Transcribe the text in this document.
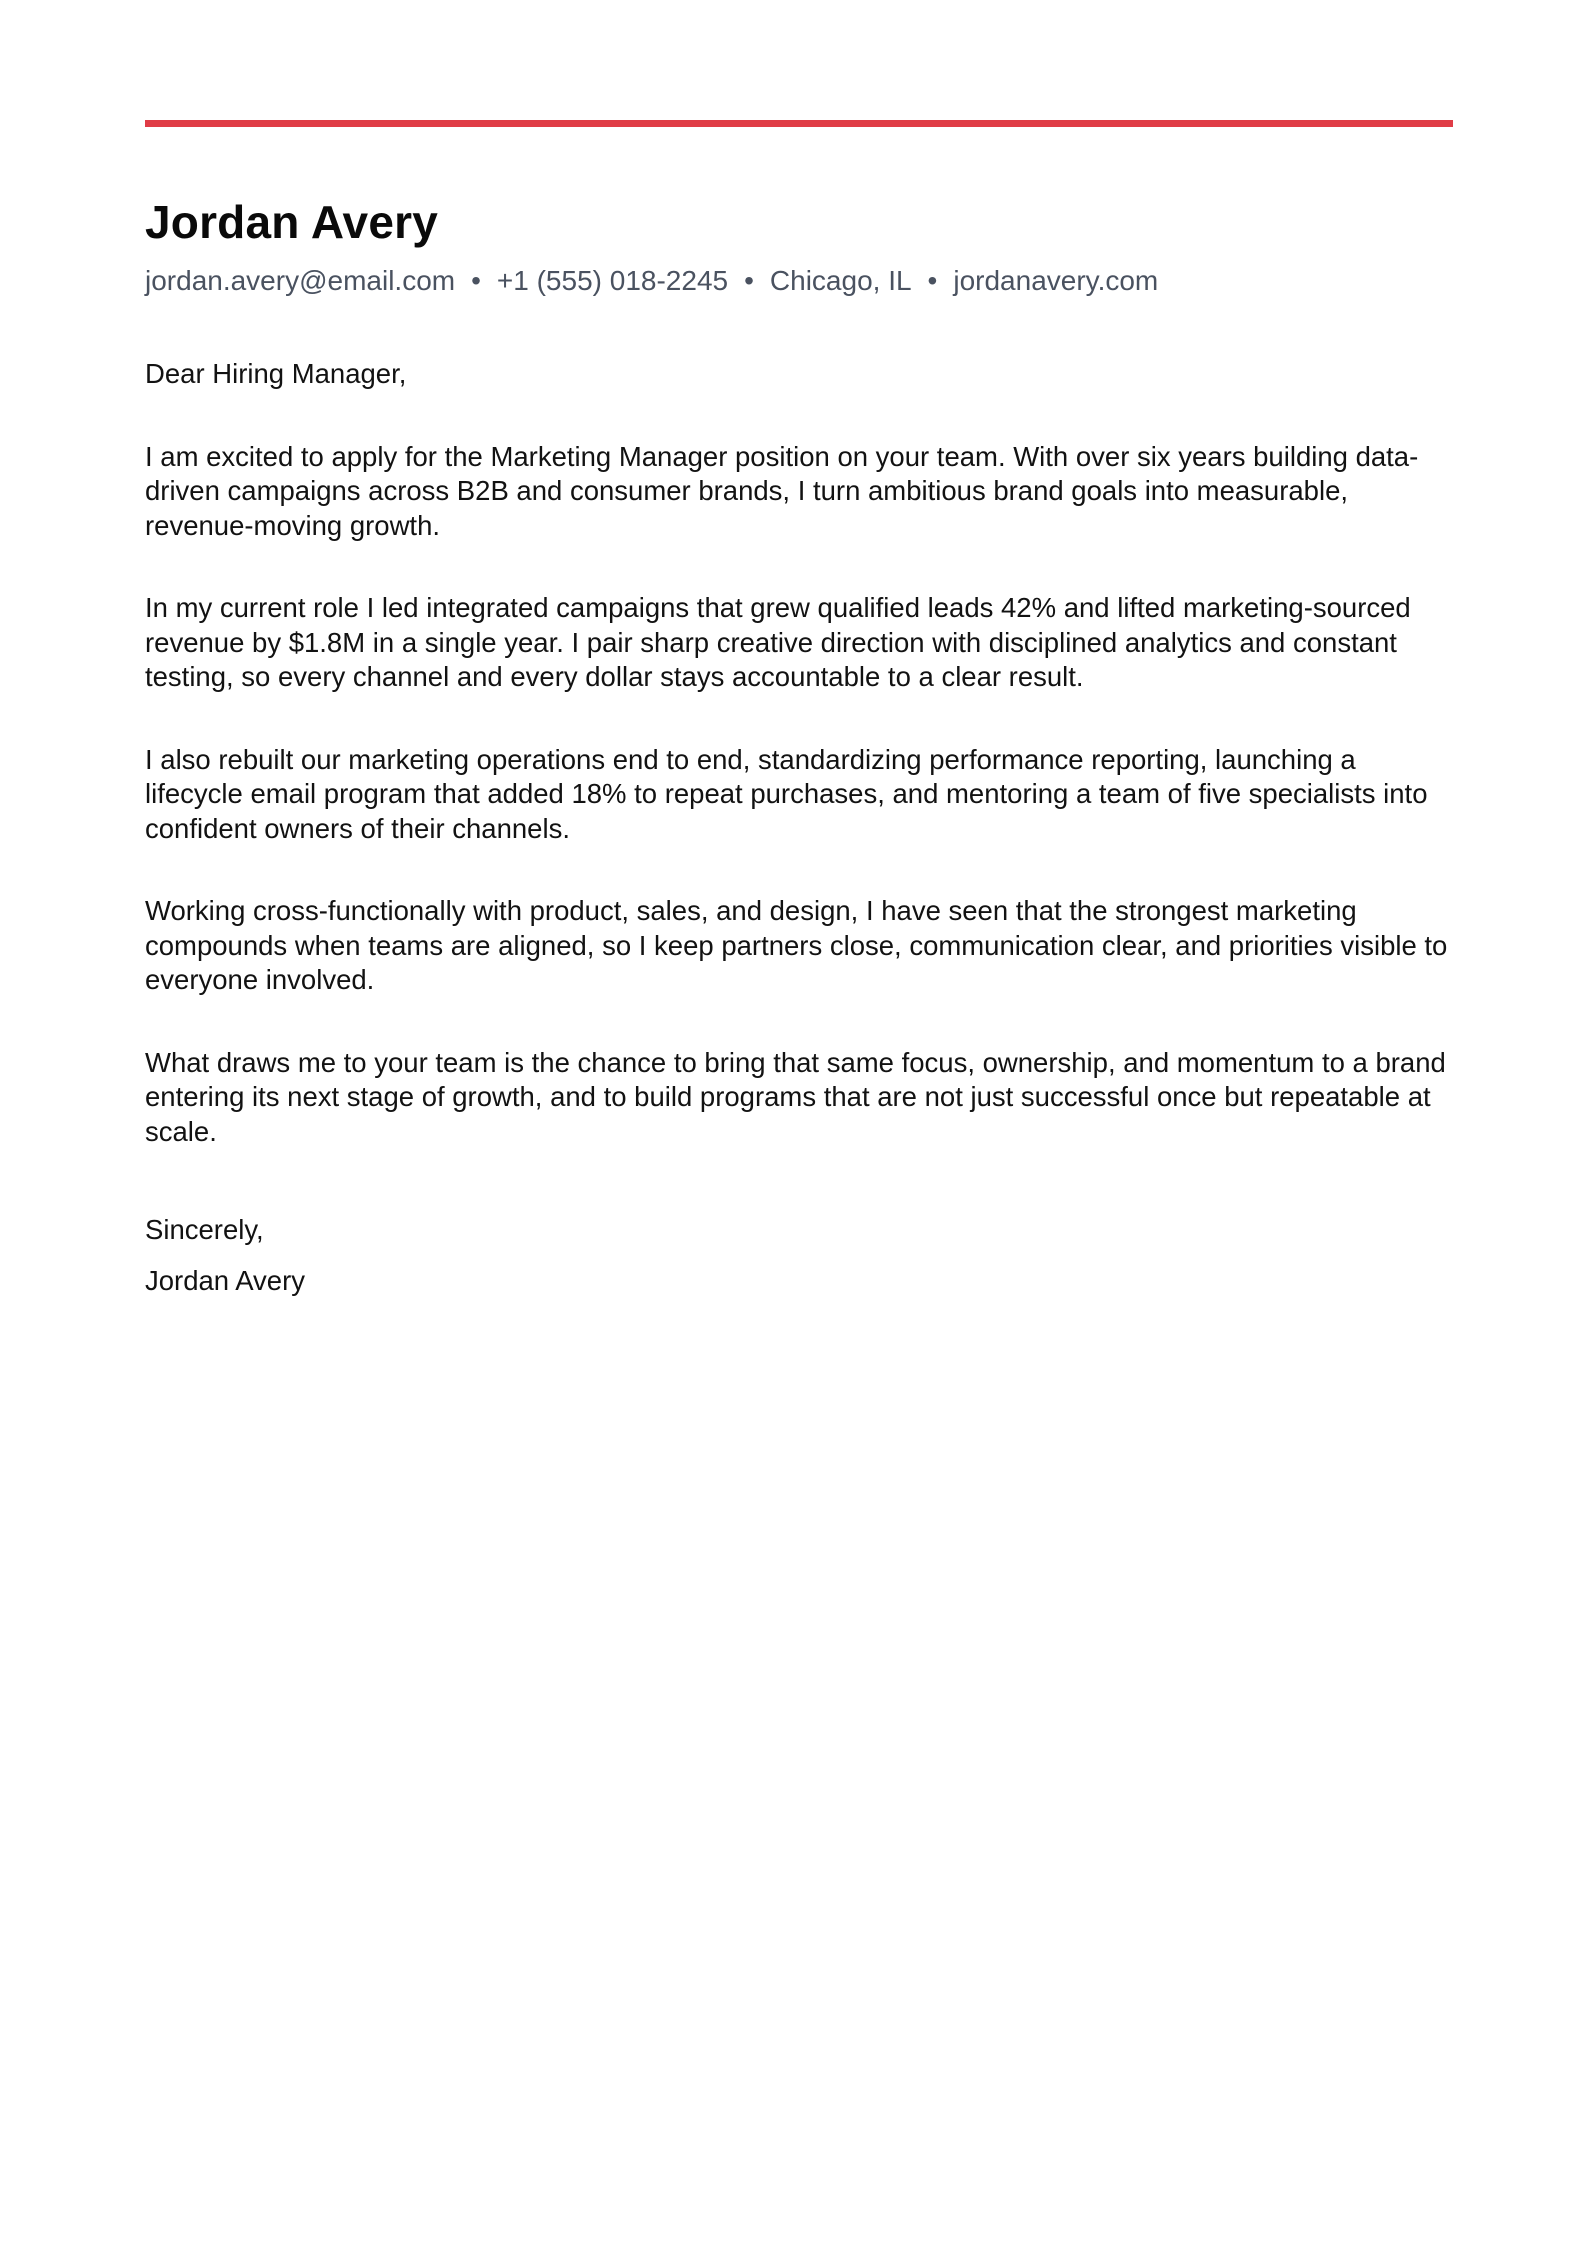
Jordan Avery
jordan.avery@email.com • +1 (555) 018-2245 • Chicago, IL • jordanavery.com

Dear Hiring Manager,

I am excited to apply for the Marketing Manager position on your team. With over six years building data-driven campaigns across B2B and consumer brands, I turn ambitious brand goals into measurable, revenue-moving growth.

In my current role I led integrated campaigns that grew qualified leads 42% and lifted marketing-sourced revenue by $1.8M in a single year. I pair sharp creative direction with disciplined analytics and constant testing, so every channel and every dollar stays accountable to a clear result.

I also rebuilt our marketing operations end to end, standardizing performance reporting, launching a lifecycle email program that added 18% to repeat purchases, and mentoring a team of five specialists into confident owners of their channels.

Working cross-functionally with product, sales, and design, I have seen that the strongest marketing compounds when teams are aligned, so I keep partners close, communication clear, and priorities visible to everyone involved.

What draws me to your team is the chance to bring that same focus, ownership, and momentum to a brand entering its next stage of growth, and to build programs that are not just successful once but repeatable at scale.

Sincerely,

Jordan Avery
